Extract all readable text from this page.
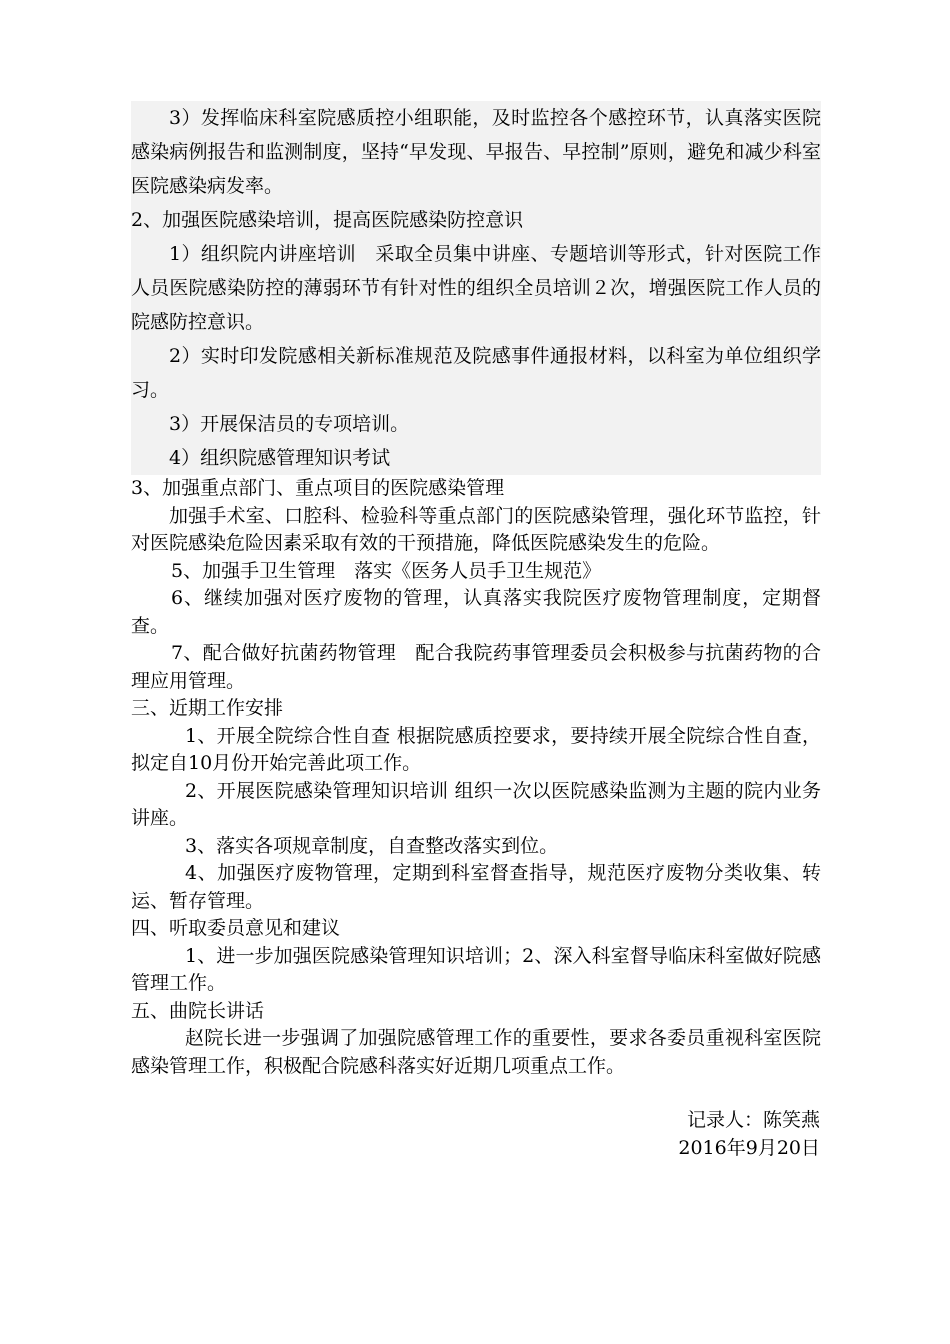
3）发挥临床科室院感质控小组职能，及时监控各个感控环节，认真落实医院感染病例报告和监测制度，坚持“早发现、早报告、早控制”原则，避免和减少科室医院感染病发率。

2、加强医院感染培训，提高医院感染防控意识

1）组织院内讲座培训　采取全员集中讲座、专题培训等形式，针对医院工作人员医院感染防控的薄弱环节有针对性的组织全员培训２次，增强医院工作人员的院感防控意识。

2）实时印发院感相关新标准规范及院感事件通报材料，以科室为单位组织学习。

3）开展保洁员的专项培训。

4）组织院感管理知识考试

3、加强重点部门、重点项目的医院感染管理

加强手术室、口腔科、检验科等重点部门的医院感染管理，强化环节监控，针对医院感染危险因素采取有效的干预措施，降低医院感染发生的危险。

5、加强手卫生管理　落实《医务人员手卫生规范》

6、继续加强对医疗废物的管理，认真落实我院医疗废物管理制度，定期督查。

7、配合做好抗菌药物管理　配合我院药事管理委员会积极参与抗菌药物的合理应用管理。

三、近期工作安排

1、开展全院综合性自查 根据院感质控要求，要持续开展全院综合性自查，拟定自10月份开始完善此项工作。

2、开展医院感染管理知识培训 组织一次以医院感染监测为主题的院内业务讲座。

3、落实各项规章制度，自查整改落实到位。

4、加强医疗废物管理，定期到科室督查指导，规范医疗废物分类收集、转运、暂存管理。

四、听取委员意见和建议

1、进一步加强医院感染管理知识培训；2、深入科室督导临床科室做好院感管理工作。

五、曲院长讲话

赵院长进一步强调了加强院感管理工作的重要性，要求各委员重视科室医院感染管理工作，积极配合院感科落实好近期几项重点工作。

记录人：陈笑燕
2016年9月20日
